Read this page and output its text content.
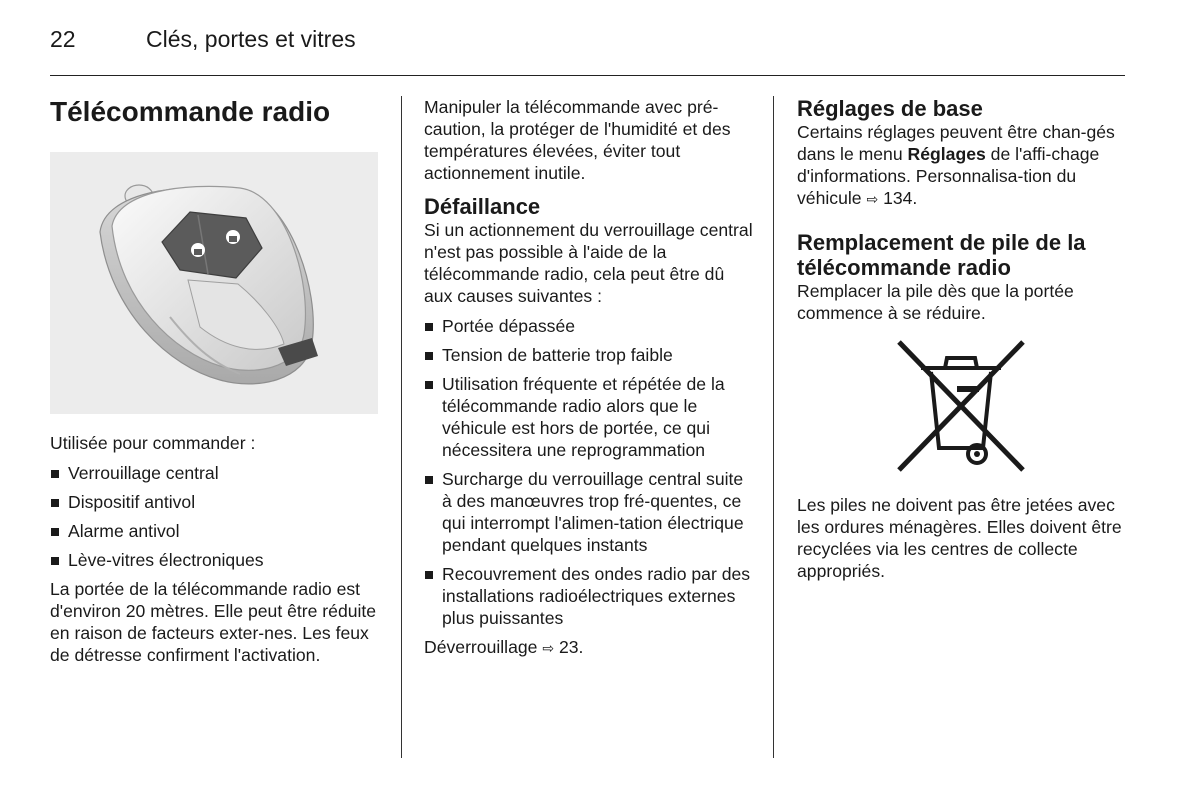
22	Clés, portes et vitres
Télécommande radio

Utilisée pour commander :

Verrouillage central
Dispositif antivol
Alarme antivol
Lève-vitres électroniques

La portée de la télécommande radio est d'environ 20 mètres. Elle peut être réduite en raison de facteurs exter-nes. Les feux de détresse confirment l'activation.

Manipuler la télécommande avec pré-caution, la protéger de l'humidité et des températures élevées, éviter tout actionnement inutile.

Défaillance

Si un actionnement du verrouillage central n'est pas possible à l'aide de la télécommande radio, cela peut être dû aux causes suivantes :

Portée dépassée
Tension de batterie trop faible
Utilisation fréquente et répétée de la télécommande radio alors que le véhicule est hors de portée, ce qui nécessitera une reprogrammation
Surcharge du verrouillage central suite à des manœuvres trop fré-quentes, ce qui interrompt l'alimen-tation électrique pendant quelques instants
Recouvrement des ondes radio par des installations radioélectriques externes plus puissantes

Déverrouillage ⇨ 23.

Réglages de base

Certains réglages peuvent être chan-gés dans le menu Réglages de l'affi-chage d'informations. Personnalisa-tion du véhicule ⇨ 134.

Remplacement de pile de la télécommande radio

Remplacer la pile dès que la portée commence à se réduire.

Les piles ne doivent pas être jetées avec les ordures ménagères. Elles doivent être recyclées via les centres de collecte appropriés.
